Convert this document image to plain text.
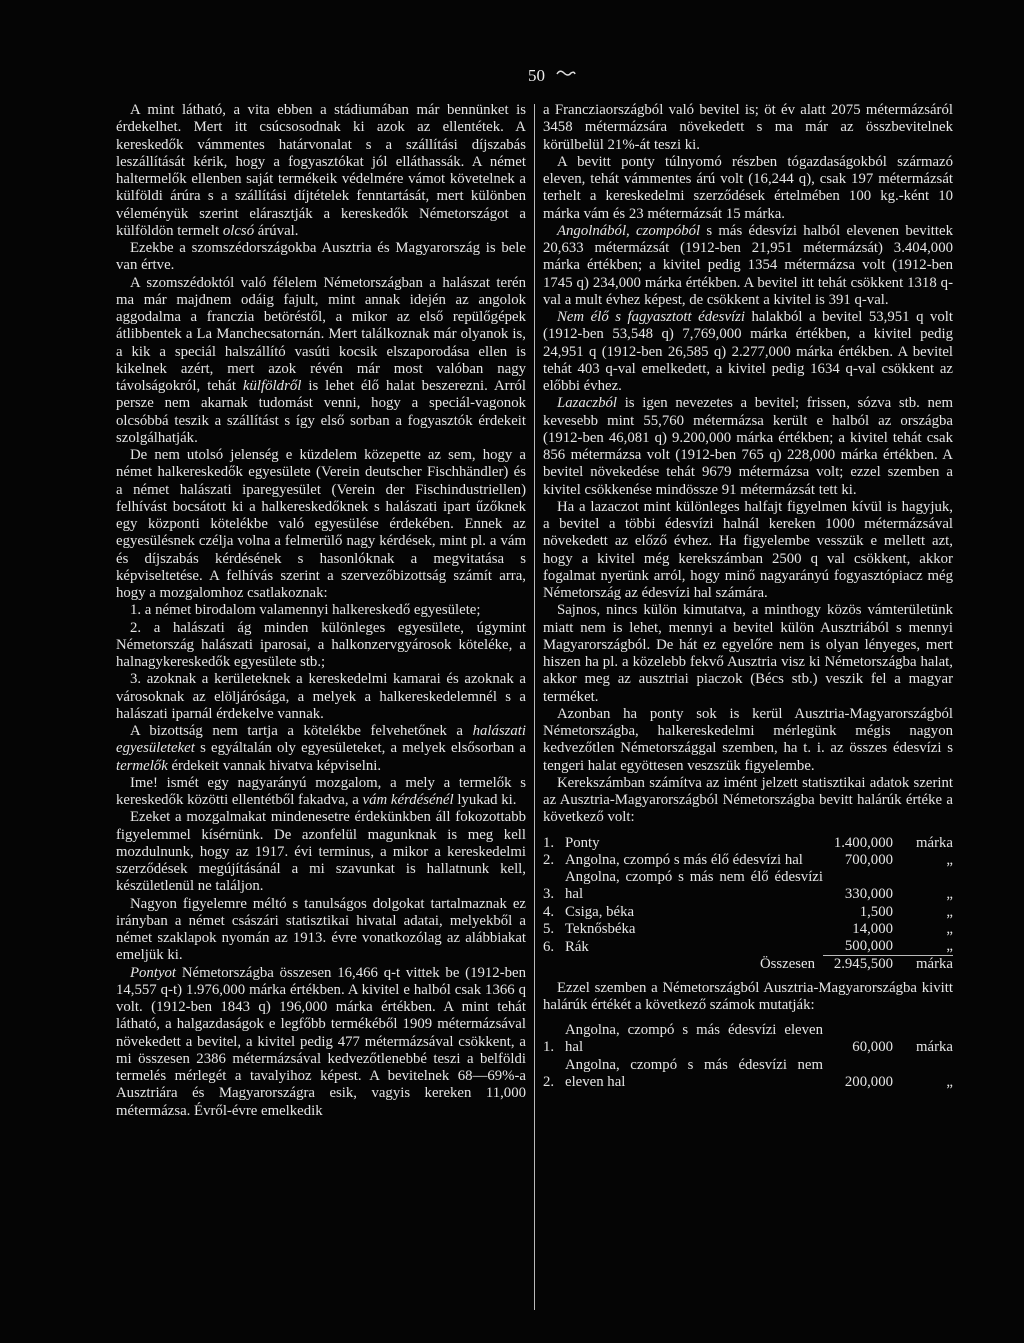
50

A mint látható, a vita ebben a stádiumában már bennünket is érdekelhet. Mert itt csúcsosodnak ki azok az ellentétek. A kereskedők vámmentes határvonalat s a szállítási díjszabás leszállítását kérik, hogy a fogyasztókat jól elláthassák. A német haltermelők ellenben saját termékeik védelmére vámot követelnek a külföldi árúra s a szállítási díjtételek fenntartását, mert különben véleményük szerint elárasztják a kereskedők Németországot a külföldön termelt olcsó árúval.

Ezekbe a szomszédországokba Ausztria és Magyarország is bele van értve.

A szomszédoktól való félelem Németországban a halászat terén ma már majdnem odáig fajult, mint annak idején az angolok aggodalma a franczia betöréstől, a mikor az első repülőgépek átlibbentek a La Manchecsatornán. Mert találkoznak már olyanok is, a kik a speciál halszállító vasúti kocsik elszaporodása ellen is kikelnek azért, mert azok révén már most valóban nagy távolságokról, tehát külföldről is lehet élő halat beszerezni. Arról persze nem akarnak tudomást venni, hogy a speciál-vagonok olcsóbbá teszik a szállítást s így első sorban a fogyasztók érdekeit szolgálhatják.

De nem utolsó jelenség e küzdelem közepette az sem, hogy a német halkereskedők egyesülete (Verein deutscher Fischhändler) és a német halászati iparegyesület (Verein der Fischindustriellen) felhívást bocsátott ki a halkereskedőknek s halászati ipart űzőknek egy központi kötelékbe való egyesülése érdekében. Ennek az egyesülésnek czélja volna a felmerülő nagy kérdések, mint pl. a vám és díjszabás kérdésének s hasonlóknak a megvitatása s képviseltetése. A felhívás szerint a szervezőbizottság számít arra, hogy a mozgalomhoz csatlakoznak:

1. a német birodalom valamennyi halkereskedő egyesülete;

2. a halászati ág minden különleges egyesülete, úgymint Németország halászati iparosai, a halkonzervgyárosok köteléke, a halnagykereskedők egyesülete stb.;

3. azoknak a kerületeknek a kereskedelmi kamarai és azoknak a városoknak az elöljárósága, a melyek a halkereskedelemnél s a halászati iparnál érdekelve vannak.

A bizottság nem tartja a kötelékbe felvehetőnek a halászati egyesületeket s egyáltalán oly egyesületeket, a melyek elsősorban a termelők érdekeit vannak hivatva képviselni.

Ime! ismét egy nagyarányú mozgalom, a mely a termelők s kereskedők közötti ellentétből fakadva, a vám kérdésénél lyukad ki.

Ezeket a mozgalmakat mindenesetre érdekünkben áll fokozottabb figyelemmel kísérnünk. De azonfelül magunknak is meg kell mozdulnunk, hogy az 1917. évi terminus, a mikor a kereskedelmi szerződések megújításánál a mi szavunkat is hallatnunk kell, készületlenül ne találjon.

Nagyon figyelemre méltó s tanulságos dolgokat tartalmaznak ez irányban a német császári statisztikai hivatal adatai, melyekből a német szaklapok nyomán az 1913. évre vonatkozólag az alábbiakat emeljük ki.

Pontyot Németországba összesen 16,466 q-t vittek be (1912-ben 14,557 q-t) 1.976,000 márka értékben. A kivitel e halból csak 1366 q volt. (1912-ben 1843 q) 196,000 márka értékben. A mint tehát látható, a halgazdaságok e legfőbb termékéből 1909 métermázsával növekedett a bevitel, a kivitel pedig 477 métermázsával csökkent, a mi összesen 2386 métermázsával kedvezőtlenebbé teszi a belföldi termelés mérlegét a tavalyihoz képest. A bevitelnek 68—69%-a Ausztriára és Magyarországra esik, vagyis kereken 11,000 métermázsa. Évről-évre emelkedik

a Francziaországból való bevitel is; öt év alatt 2075 métermázsáról 3458 métermázsára növekedett s ma már az összbevitelnek körülbelül 21%-át teszi ki.

A bevitt ponty túlnyomó részben tógazdaságokból származó eleven, tehát vámmentes árú volt (16,244 q), csak 197 métermázsát terhelt a kereskedelmi szerződések értelmében 100 kg.-ként 10 márka vám és 23 métermázsát 15 márka.

Angolnából, czompóból s más édesvízi halból elevenen bevittek 20,633 métermázsát (1912-ben 21,951 métermázsát) 3.404,000 márka értékben; a kivitel pedig 1354 métermázsa volt (1912-ben 1745 q) 234,000 márka értékben. A bevitel itt tehát csökkent 1318 q-val a mult évhez képest, de csökkent a kivitel is 391 q-val.

Nem élő s fagyasztott édesvízi halakból a bevitel 53,951 q volt (1912-ben 53,548 q) 7,769,000 márka értékben, a kivitel pedig 24,951 q (1912-ben 26,585 q) 2.277,000 márka értékben. A bevitel tehát 403 q-val emelkedett, a kivitel pedig 1634 q-val csökkent az előbbi évhez.

Lazaczból is igen nevezetes a bevitel; frissen, sózva stb. nem kevesebb mint 55,760 métermázsa került e halból az országba (1912-ben 46,081 q) 9.200,000 márka értékben; a kivitel tehát csak 856 métermázsa volt (1912-ben 765 q) 228,000 márka értékben. A bevitel növekedése tehát 9679 métermázsa volt; ezzel szemben a kivitel csökkenése mindössze 91 métermázsát tett ki.

Ha a lazaczot mint különleges halfajt figyelmen kívül is hagyjuk, a bevitel a többi édesvízi halnál kereken 1000 métermázsával növekedett az előző évhez. Ha figyelembe vesszük e mellett azt, hogy a kivitel még kerekszámban 2500 q val csökkent, akkor fogalmat nyerünk arról, hogy minő nagyarányú fogyasztópiacz még Németország az édesvízi hal számára.

Sajnos, nincs külön kimutatva, a minthogy közös vámterületünk miatt nem is lehet, mennyi a bevitel külön Ausztriából s mennyi Magyarországból. De hát ez egyelőre nem is olyan lényeges, mert hiszen ha pl. a közelebb fekvő Ausztria visz ki Németországba halat, akkor meg az ausztriai piaczok (Bécs stb.) veszik fel a magyar terméket.

Azonban ha ponty sok is kerül Ausztria-Magyarországból Németországba, halkereskedelmi mérlegünk mégis nagyon kedvezőtlen Németországgal szemben, ha t. i. az összes édesvízi s tengeri halat egyöttesen veszszük figyelembe.

Kerekszámban számítva az imént jelzett statisztikai adatok szerint az Ausztria-Magyarországból Németországba bevitt halárúk értéke a következő volt:

1.	Ponty	1.400,000	márka
2.	Angolna, czompó s más élő édesvízi hal	700,000	„
3.	Angolna, czompó s más nem élő édesvízi hal	330,000	„
4.	Csiga, béka	1,500	„
5.	Teknősbéka	14,000	„
6.	Rák	500,000	„
	Összesen	2.945,500	márka

Ezzel szemben a Németországból Ausztria-Magyarországba kivitt halárúk értékét a következő számok mutatják:

1.	Angolna, czompó s más édesvízi eleven hal	60,000	márka
2.	Angolna, czompó s más édesvízi nem eleven hal	200,000	„
